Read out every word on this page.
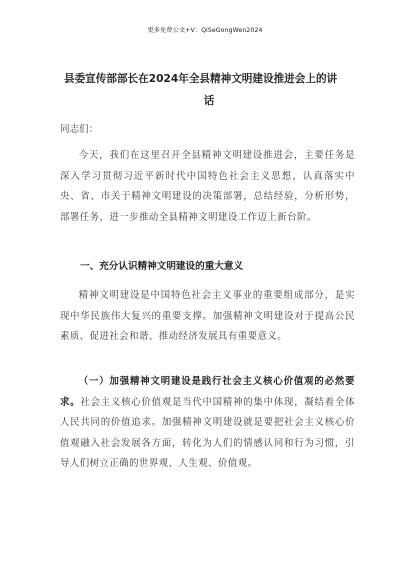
更多免费公文+V：QiSeGongWen2024
县委宣传部部长在2024年全县精神文明建设推进会上的讲
话
同志们：
今天，我们在这里召开全县精神文明建设推进会，主要任务是深入学习贯彻习近平新时代中国特色社会主义思想，认真落实中央、省、市关于精神文明建设的决策部署，总结经验，分析形势，部署任务，进一步推动全县精神文明建设工作迈上新台阶。
一、充分认识精神文明建设的重大意义
精神文明建设是中国特色社会主义事业的重要组成部分，是实现中华民族伟大复兴的重要支撑。加强精神文明建设对于提高公民素质、促进社会和谐、推动经济发展具有重要意义。
（一）加强精神文明建设是践行社会主义核心价值观的必然要求。社会主义核心价值观是当代中国精神的集中体现，凝结着全体人民共同的价值追求。加强精神文明建设就是要把社会主义核心价值观融入社会发展各方面，转化为人们的情感认同和行为习惯，引导人们树立正确的世界观、人生观、价值观。
